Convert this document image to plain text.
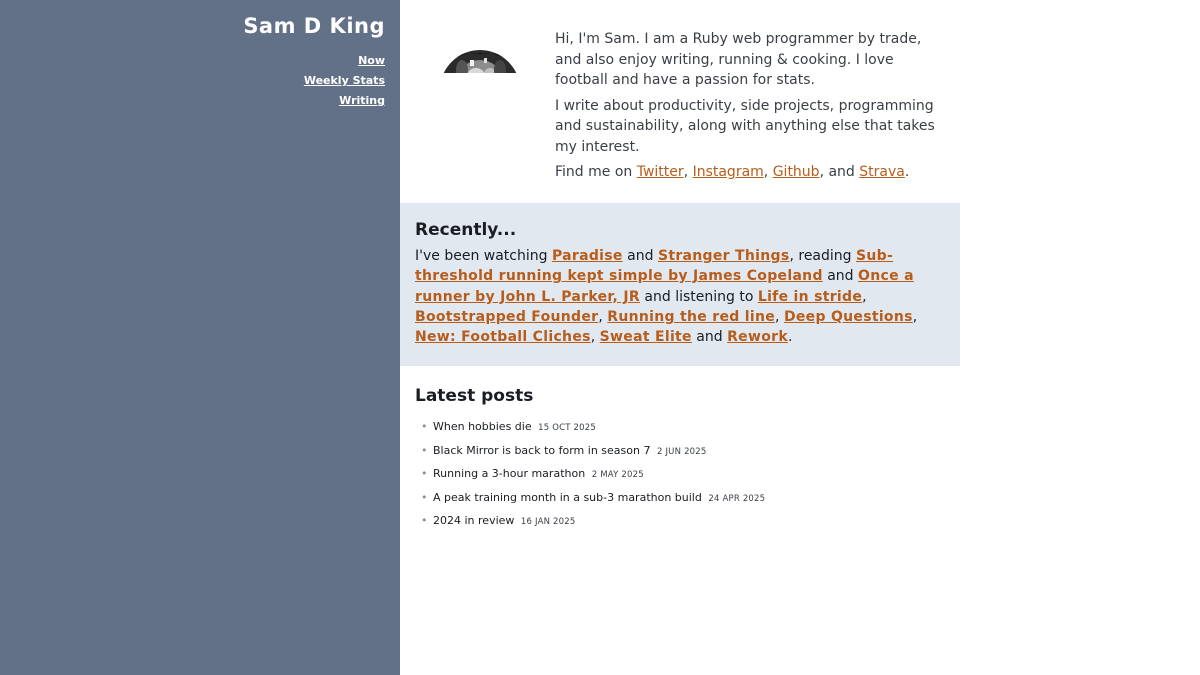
Sam D King
Now
Weekly Stats
Writing

Hi, I'm Sam. I am a Ruby web programmer by trade, and also enjoy writing, running & cooking. I love football and have a passion for stats.

I write about productivity, side projects, programming and sustainability, along with anything else that takes my interest.

Find me on Twitter, Instagram, Github, and Strava.

Recently...
I've been watching Paradise and Stranger Things, reading Sub-threshold running kept simple by James Copeland and Once a runner by John L. Parker, JR and listening to Life in stride, Bootstrapped Founder, Running the red line, Deep Questions, New: Football Cliches, Sweat Elite and Rework.
Latest posts
• When hobbies die 15 OCT 2025
• Black Mirror is back to form in season 7 2 JUN 2025
• Running a 3-hour marathon 2 MAY 2025
• A peak training month in a sub-3 marathon build 24 APR 2025
• 2024 in review 16 JAN 2025
